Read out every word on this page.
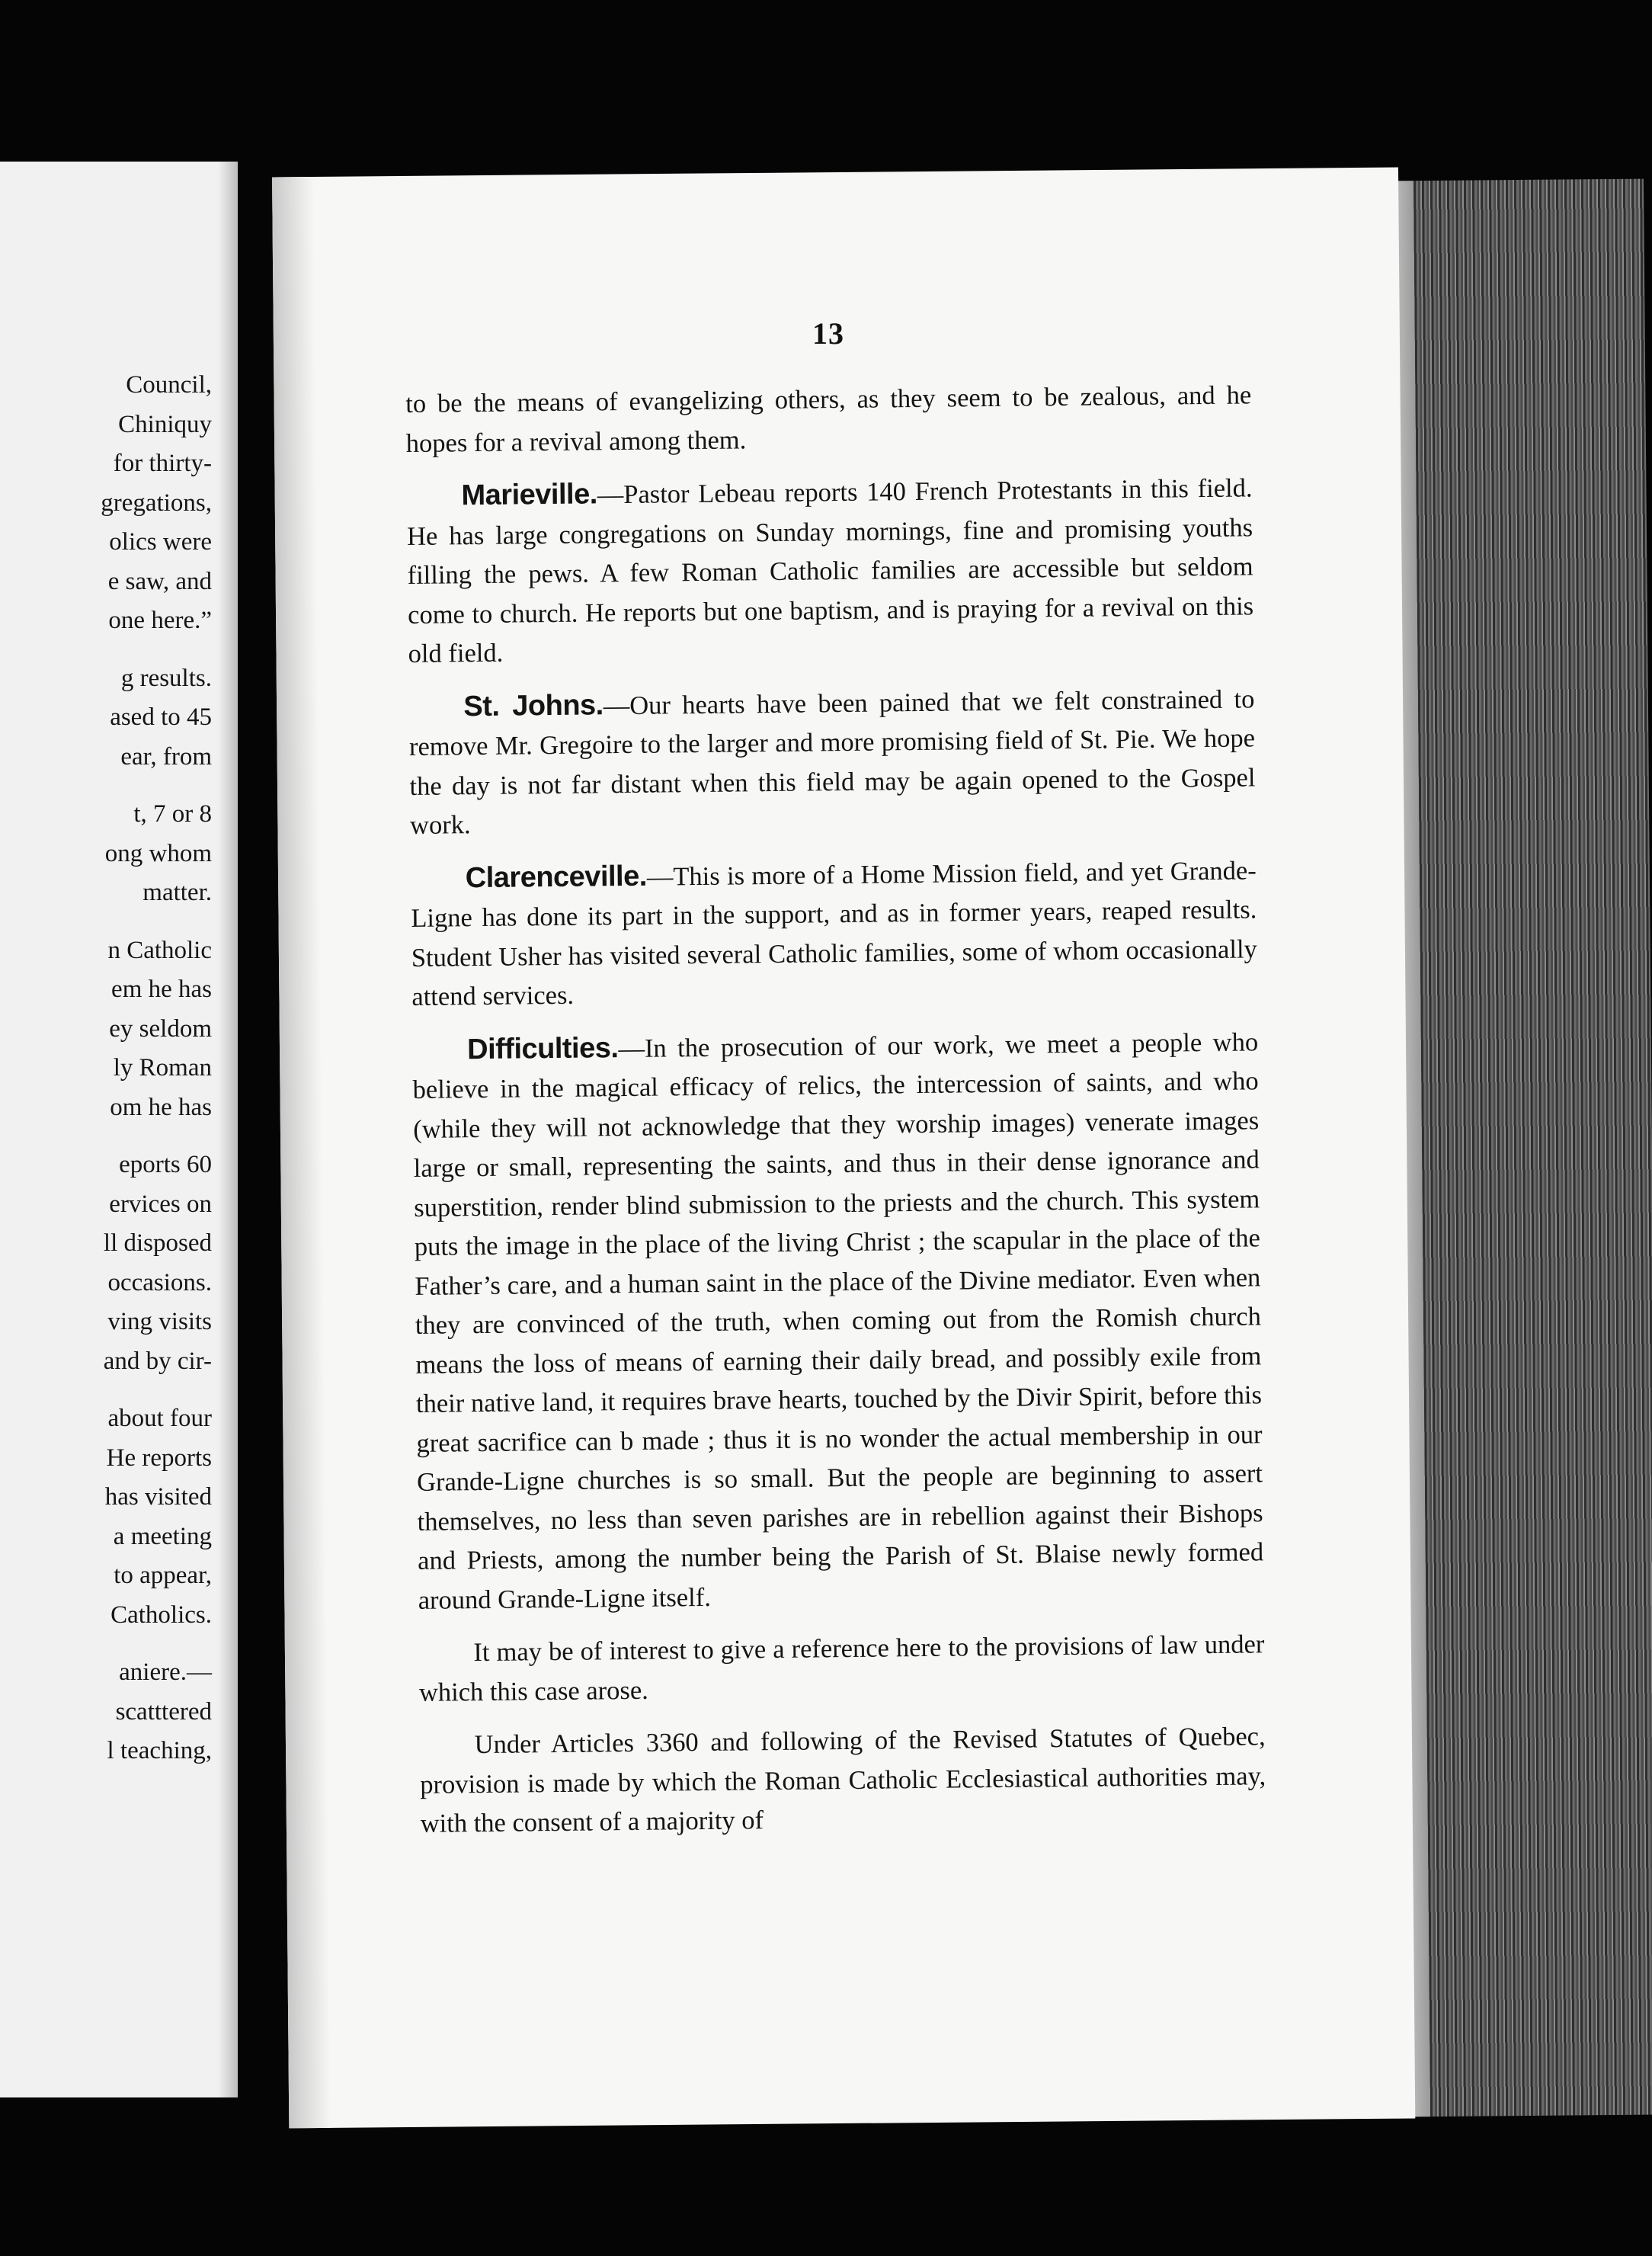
Council,
Chiniquy
for thirty-
gregations,
olics were
e saw, and
one here.”
g results.
ased to 45
ear, from
t, 7 or 8
ong whom
matter.
n Catholic
em he has
ey seldom
ly Roman
om he has
eports 60
ervices on
ll disposed
occasions.
ving visits
and by cir-
about four
He reports
has visited
a meeting
to appear,
Catholics.
aniere.—
scatttered
l teaching,
13

to be the means of evangelizing others, as they seem to be zealous, and he hopes for a revival among them.

Marieville.—Pastor Lebeau reports 140 French Protestants in this field. He has large congregations on Sunday mornings, fine and promising youths filling the pews. A few Roman Catholic families are accessible but seldom come to church. He reports but one baptism, and is praying for a revival on this old field.

St. Johns.—Our hearts have been pained that we felt constrained to remove Mr. Gregoire to the larger and more promising field of St. Pie. We hope the day is not far distant when this field may be again opened to the Gospel work.

Clarenceville.—This is more of a Home Mission field, and yet Grande-Ligne has done its part in the support, and as in former years, reaped results. Student Usher has visited several Catholic families, some of whom occasionally attend services.

Difficulties.—In the prosecution of our work, we meet a people who believe in the magical efficacy of relics, the intercession of saints, and who (while they will not acknowledge that they worship images) venerate images large or small, representing the saints, and thus in their dense ignorance and superstition, render blind submission to the priests and the church. This system puts the image in the place of the living Christ ; the scapular in the place of the Father’s care, and a human saint in the place of the Divine mediator. Even when they are convinced of the truth, when coming out from the Romish church means the loss of means of earning their daily bread, and possibly exile from their native land, it requires brave hearts, touched by the Divir Spirit, before this great sacrifice can b made ; thus it is no wonder the actual membership in our Grande-Ligne churches is so small. But the people are beginning to assert themselves, no less than seven parishes are in rebellion against their Bishops and Priests, among the number being the Parish of St. Blaise newly formed around Grande-Ligne itself.

It may be of interest to give a reference here to the provisions of law under which this case arose.

Under Articles 3360 and following of the Revised Statutes of Quebec, provision is made by which the Roman Catholic Ecclesiastical authorities may, with the consent of a majority of
